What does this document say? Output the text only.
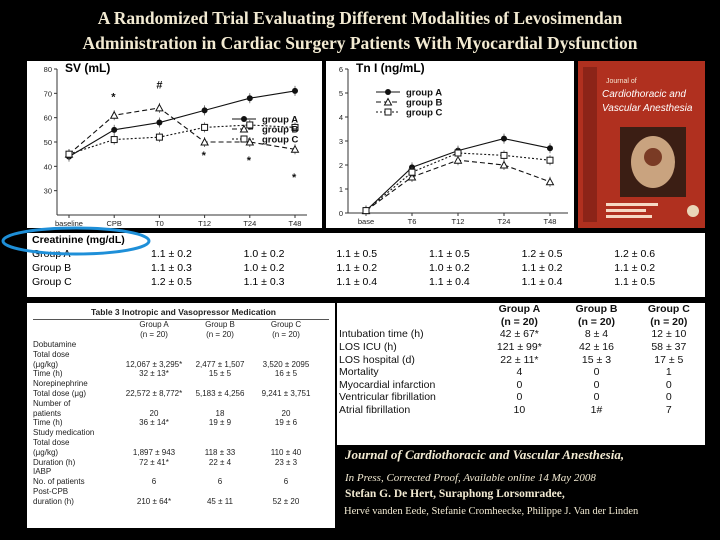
A Randomized Trial Evaluating Different Modalities of Levosimendan
Administration in Cardiac Surgery Patients With Myocardial Dysfunction
SV (mL)
30
40
50
60
70
80
baseline	CPB	T0	T12	T24	T48
group A
group B
group C
*
#
*	*
*
Tn I (ng/mL)
0
1
2
3
4
5
6
base	T6	T12	T24	T48
group A
group B
group C
Journal of
Cardiothoracic and
Vascular Anesthesia
Creatinine (mg/dL)						
Group A	1.1 ± 0.2	1.0 ± 0.2	1.1 ± 0.5	1.1 ± 0.5	1.2 ± 0.5	1.2 ± 0.6
Group B	1.1 ± 0.3	1.0 ± 0.2	1.1 ± 0.2	1.0 ± 0.2	1.1 ± 0.2	1.1 ± 0.2
Group C	1.2 ± 0.5	1.1 ± 0.3	1.1 ± 0.4	1.1 ± 0.4	1.1 ± 0.4	1.1 ± 0.5
Table 3 Inotropic and Vasopressor Medication
	Group A	Group B	Group C
	(n = 20)	(n = 20)	(n = 20)
Dobutamine			
Total dose			
(μg/kg)	12,067 ± 3,295*	2,477 ± 1,507	3,520 ± 2095
Time (h)	32 ± 13*	15 ± 5	16 ± 5
Norepinephrine			
Total dose (μg)	22,572 ± 8,772*	5,183 ± 4,256	9,241 ± 3,751
Number of			
patients	20	18	20
Time (h)	36 ± 14*	19 ± 9	19 ± 6
Study medication			
Total dose			
(μg/kg)	1,897 ± 943	118 ± 33	110 ± 40
Duration (h)	72 ± 41*	22 ± 4	23 ± 3
IABP			
No. of patients	6	6	6
Post-CPB			
duration (h)	210 ± 64*	45 ± 11	52 ± 20
	Group A	Group B	Group C
	(n = 20)	(n = 20)	(n = 20)
Intubation time (h)	42 ± 67*	8 ± 4	12 ± 10
LOS ICU (h)	121 ± 99*	42 ± 16	58 ± 37
LOS hospital (d)	22 ± 11*	15 ± 3	17 ± 5
Mortality	4	0	1
Myocardial infarction	0	0	0
Ventricular fibrillation	0	0	0
Atrial fibrillation	10	1#	7
Journal of Cardiothoracic and Vascular Anesthesia,
In Press, Corrected Proof, Available online 14 May 2008
Stefan G. De Hert, Suraphong Lorsomradee,
Hervé vanden Eede, Stefanie Cromheecke, Philippe J. Van der Linden
